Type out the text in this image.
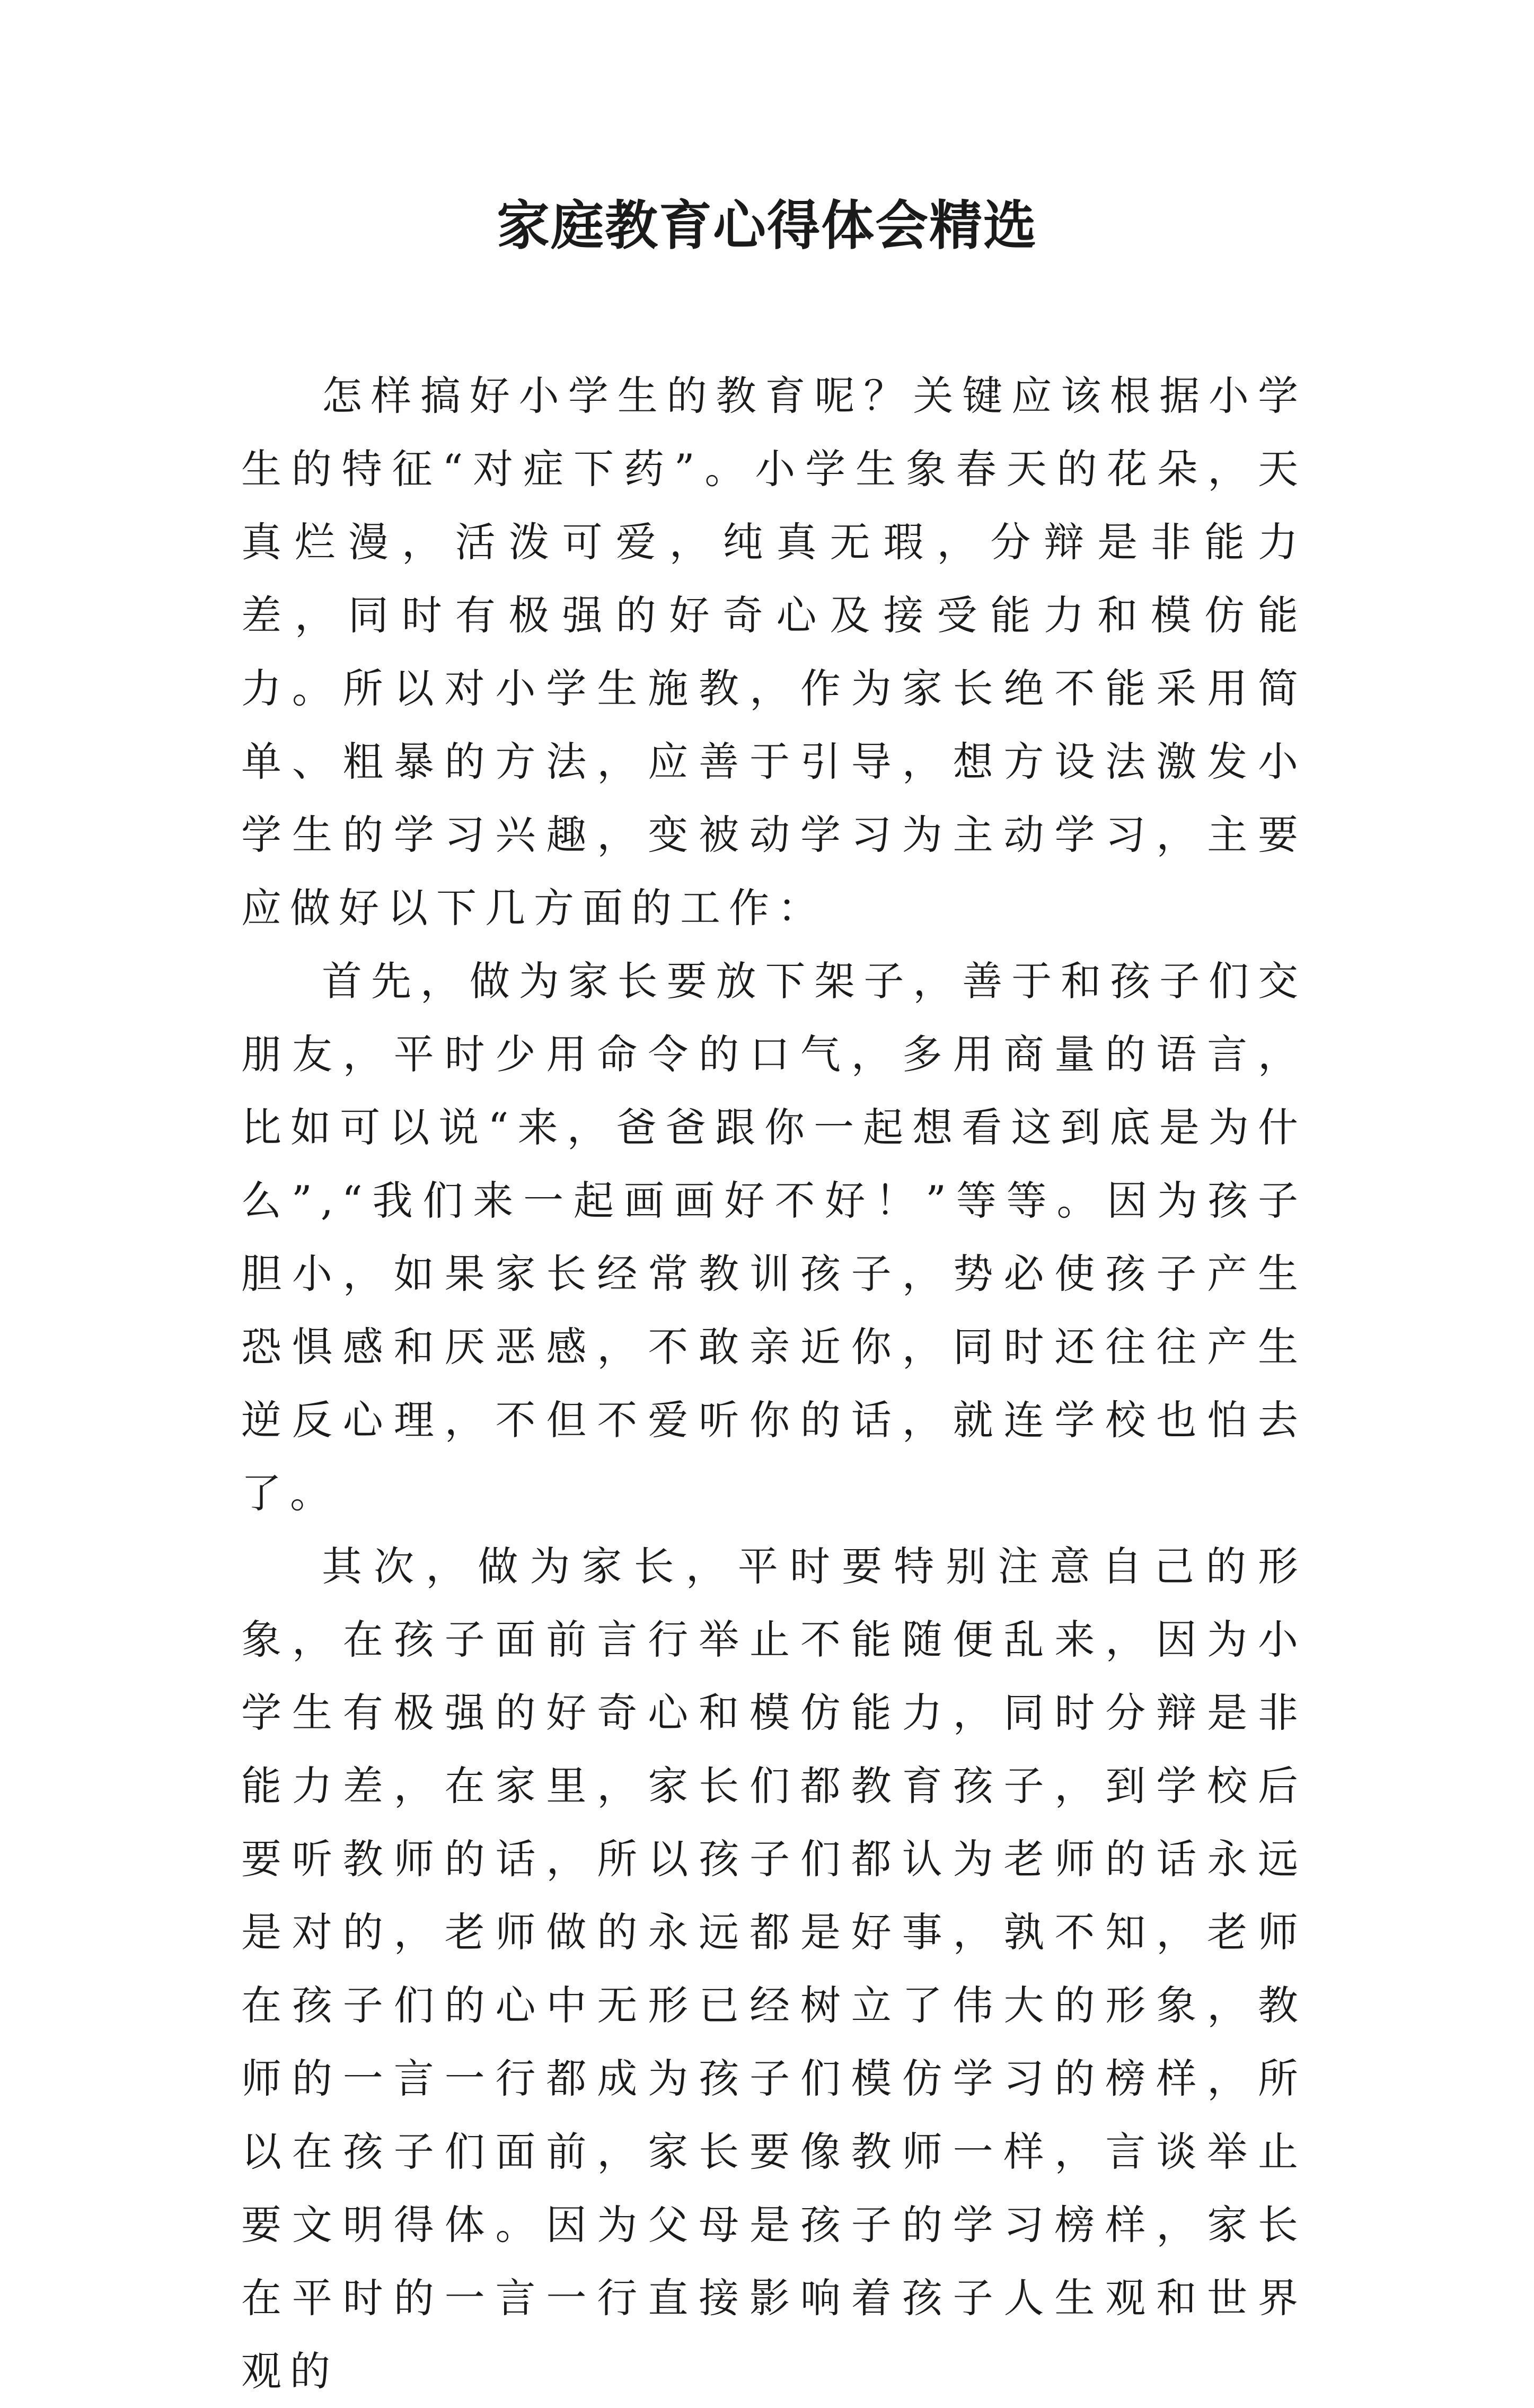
家庭教育心得体会精选

怎样搞好小学生的教育呢？关键应该根据小学生的特征“对症下药”。小学生象春天的花朵，天真烂漫，活泼可爱，纯真无瑕，分辩是非能力差，同时有极强的好奇心及接受能力和模仿能力。所以对小学生施教，作为家长绝不能采用简单、粗暴的方法，应善于引导，想方设法激发小学生的学习兴趣，变被动学习为主动学习，主要应做好以下几方面的工作：

首先，做为家长要放下架子，善于和孩子们交朋友，平时少用命令的口气，多用商量的语言，比如可以说“来，爸爸跟你一起想看这到底是为什么”,“我们来一起画画好不好！”等等。因为孩子胆小，如果家长经常教训孩子，势必使孩子产生恐惧感和厌恶感，不敢亲近你，同时还往往产生逆反心理，不但不爱听你的话，就连学校也怕去了。

其次，做为家长，平时要特别注意自己的形象，在孩子面前言行举止不能随便乱来，因为小学生有极强的好奇心和模仿能力，同时分辩是非能力差，在家里，家长们都教育孩子，到学校后要听教师的话，所以孩子们都认为老师的话永远是对的，老师做的永远都是好事，孰不知，老师在孩子们的心中无形已经树立了伟大的形象，教师的一言一行都成为孩子们模仿学习的榜样，所以在孩子们面前，家长要像教师一样，言谈举止要文明得体。因为父母是孩子的学习榜样，家长在平时的一言一行直接影响着孩子人生观和世界观的
